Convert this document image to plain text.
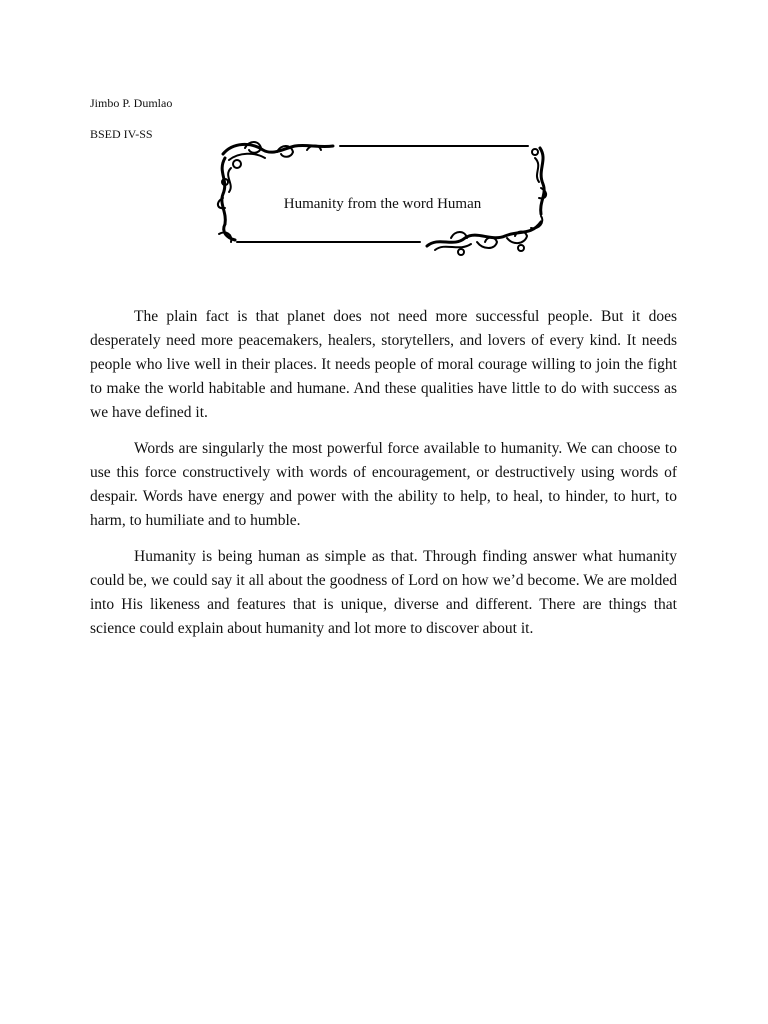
Jimbo P. Dumlao
BSED IV-SS
Humanity from the word Human

The plain fact is that planet does not need more successful people. But it does desperately need more peacemakers, healers, storytellers, and lovers of every kind. It needs people who live well in their places. It needs people of moral courage willing to join the fight to make the world habitable and humane. And these qualities have little to do with success as we have defined it.

Words are singularly the most powerful force available to humanity. We can choose to use this force constructively with words of encouragement, or destructively using words of despair. Words have energy and power with the ability to help, to heal, to hinder, to hurt, to harm, to humiliate and to humble.

Humanity is being human as simple as that. Through finding answer what humanity could be, we could say it all about the goodness of Lord on how we’d become. We are molded into His likeness and features that is unique, diverse and different. There are things that science could explain about humanity and lot more to discover about it.
